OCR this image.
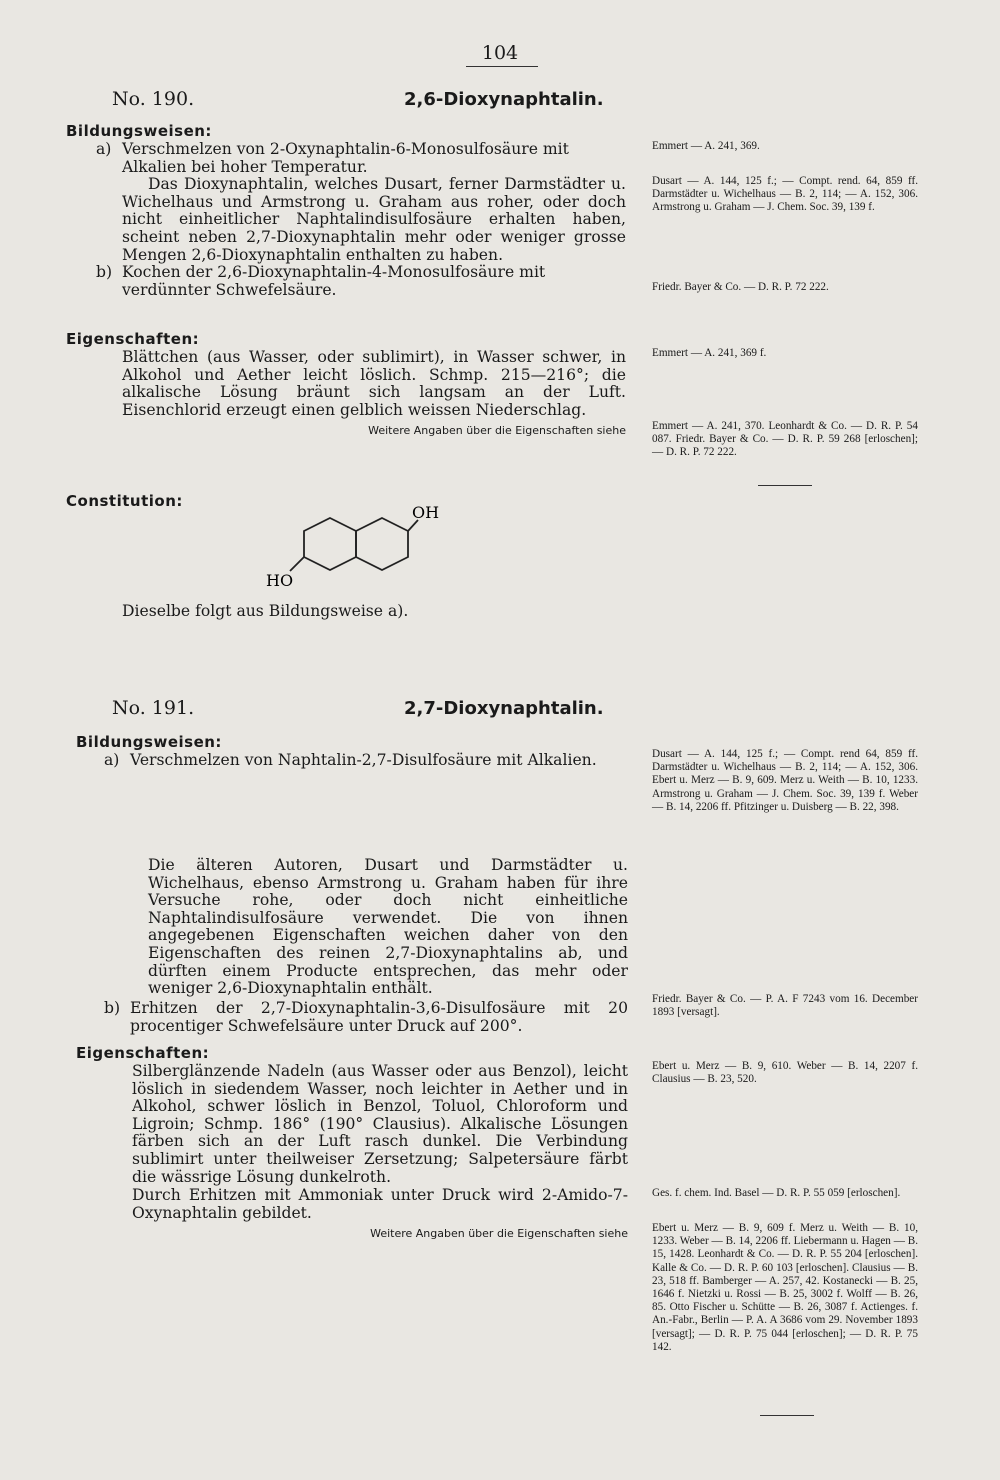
104
No. 190.	2,6-Dioxynaphtalin.
Bildungsweisen:
a) Verschmelzen von 2-Oxynaphtalin-6-Monosulfosäure mit Alkalien bei hoher Temperatur.

Das Dioxynaphtalin, welches Dusart, ferner Darmstädter u. Wichelhaus und Armstrong u. Graham aus roher, oder doch nicht einheitlicher Naphtalindisulfosäure erhalten haben, scheint neben 2,7-Dioxynaphtalin mehr oder weniger grosse Mengen 2,6-Dioxynaphtalin enthalten zu haben.

b) Kochen der 2,6-Dioxynaphtalin-4-Monosulfosäure mit verdünnter Schwefelsäure.

Eigenschaften:
Blättchen (aus Wasser, oder sublimirt), in Wasser schwer, in Alkohol und Aether leicht löslich. Schmp. 215—216°; die alkalische Lösung bräunt sich langsam an der Luft. Eisenchlorid erzeugt einen gelblich weissen Niederschlag.
Weitere Angaben über die Eigenschaften siehe
Constitution:
OH
HO
Dieselbe folgt aus Bildungsweise a).
Emmert — A. 241, 369.
Dusart — A. 144, 125 f.; — Compt. rend. 64, 859 ff. Darmstädter u. Wichelhaus — B. 2, 114; — A. 152, 306. Armstrong u. Graham — J. Chem. Soc. 39, 139 f.
Friedr. Bayer & Co. — D. R. P. 72 222.
Emmert — A. 241, 369 f.
Emmert — A. 241, 370. Leonhardt & Co. — D. R. P. 54 087. Friedr. Bayer & Co. — D. R. P. 59 268 [erloschen]; — D. R. P. 72 222.
No. 191.	2,7-Dioxynaphtalin.
Bildungsweisen:
a) Verschmelzen von Naphtalin-2,7-Disulfosäure mit Alkalien.

Die älteren Autoren, Dusart und Darmstädter u. Wichelhaus, ebenso Armstrong u. Graham haben für ihre Versuche rohe, oder doch nicht einheitliche Naphtalindisulfosäure verwendet. Die von ihnen angegebenen Eigenschaften weichen daher von den Eigenschaften des reinen 2,7-Dioxynaphtalins ab, und dürften einem Producte entsprechen, das mehr oder weniger 2,6-Dioxynaphtalin enthält.
b) Erhitzen der 2,7-Dioxynaphtalin-3,6-Disulfosäure mit 20 procentiger Schwefelsäure unter Druck auf 200°.

Eigenschaften:
Silberglänzende Nadeln (aus Wasser oder aus Benzol), leicht löslich in siedendem Wasser, noch leichter in Aether und in Alkohol, schwer löslich in Benzol, Toluol, Chloroform und Ligroin; Schmp. 186° (190° Clausius). Alkalische Lösungen färben sich an der Luft rasch dunkel. Die Verbindung sublimirt unter theilweiser Zersetzung; Salpetersäure färbt die wässrige Lösung dunkelroth.
Durch Erhitzen mit Ammoniak unter Druck wird 2-Amido-7-Oxynaphtalin gebildet.
Weitere Angaben über die Eigenschaften siehe
Dusart — A. 144, 125 f.; — Compt. rend 64, 859 ff. Darmstädter u. Wichelhaus — B. 2, 114; — A. 152, 306. Ebert u. Merz — B. 9, 609. Merz u. Weith — B. 10, 1233. Armstrong u. Graham — J. Chem. Soc. 39, 139 f. Weber — B. 14, 2206 ff. Pfitzinger u. Duisberg — B. 22, 398.
Friedr. Bayer & Co. — P. A. F 7243 vom 16. December 1893 [versagt].
Ebert u. Merz — B. 9, 610. Weber — B. 14, 2207 f. Clausius — B. 23, 520.
Ges. f. chem. Ind. Basel — D. R. P. 55 059 [erloschen].
Ebert u. Merz — B. 9, 609 f. Merz u. Weith — B. 10, 1233. Weber — B. 14, 2206 ff. Liebermann u. Hagen — B. 15, 1428. Leonhardt & Co. — D. R. P. 55 204 [erloschen]. Kalle & Co. — D. R. P. 60 103 [erloschen]. Clausius — B. 23, 518 ff. Bamberger — A. 257, 42. Kostanecki — B. 25, 1646 f. Nietzki u. Rossi — B. 25, 3002 f. Wolff — B. 26, 85. Otto Fischer u. Schütte — B. 26, 3087 f. Actienges. f. An.-Fabr., Berlin — P. A. A 3686 vom 29. November 1893 [versagt]; — D. R. P. 75 044 [erloschen]; — D. R. P. 75 142.
